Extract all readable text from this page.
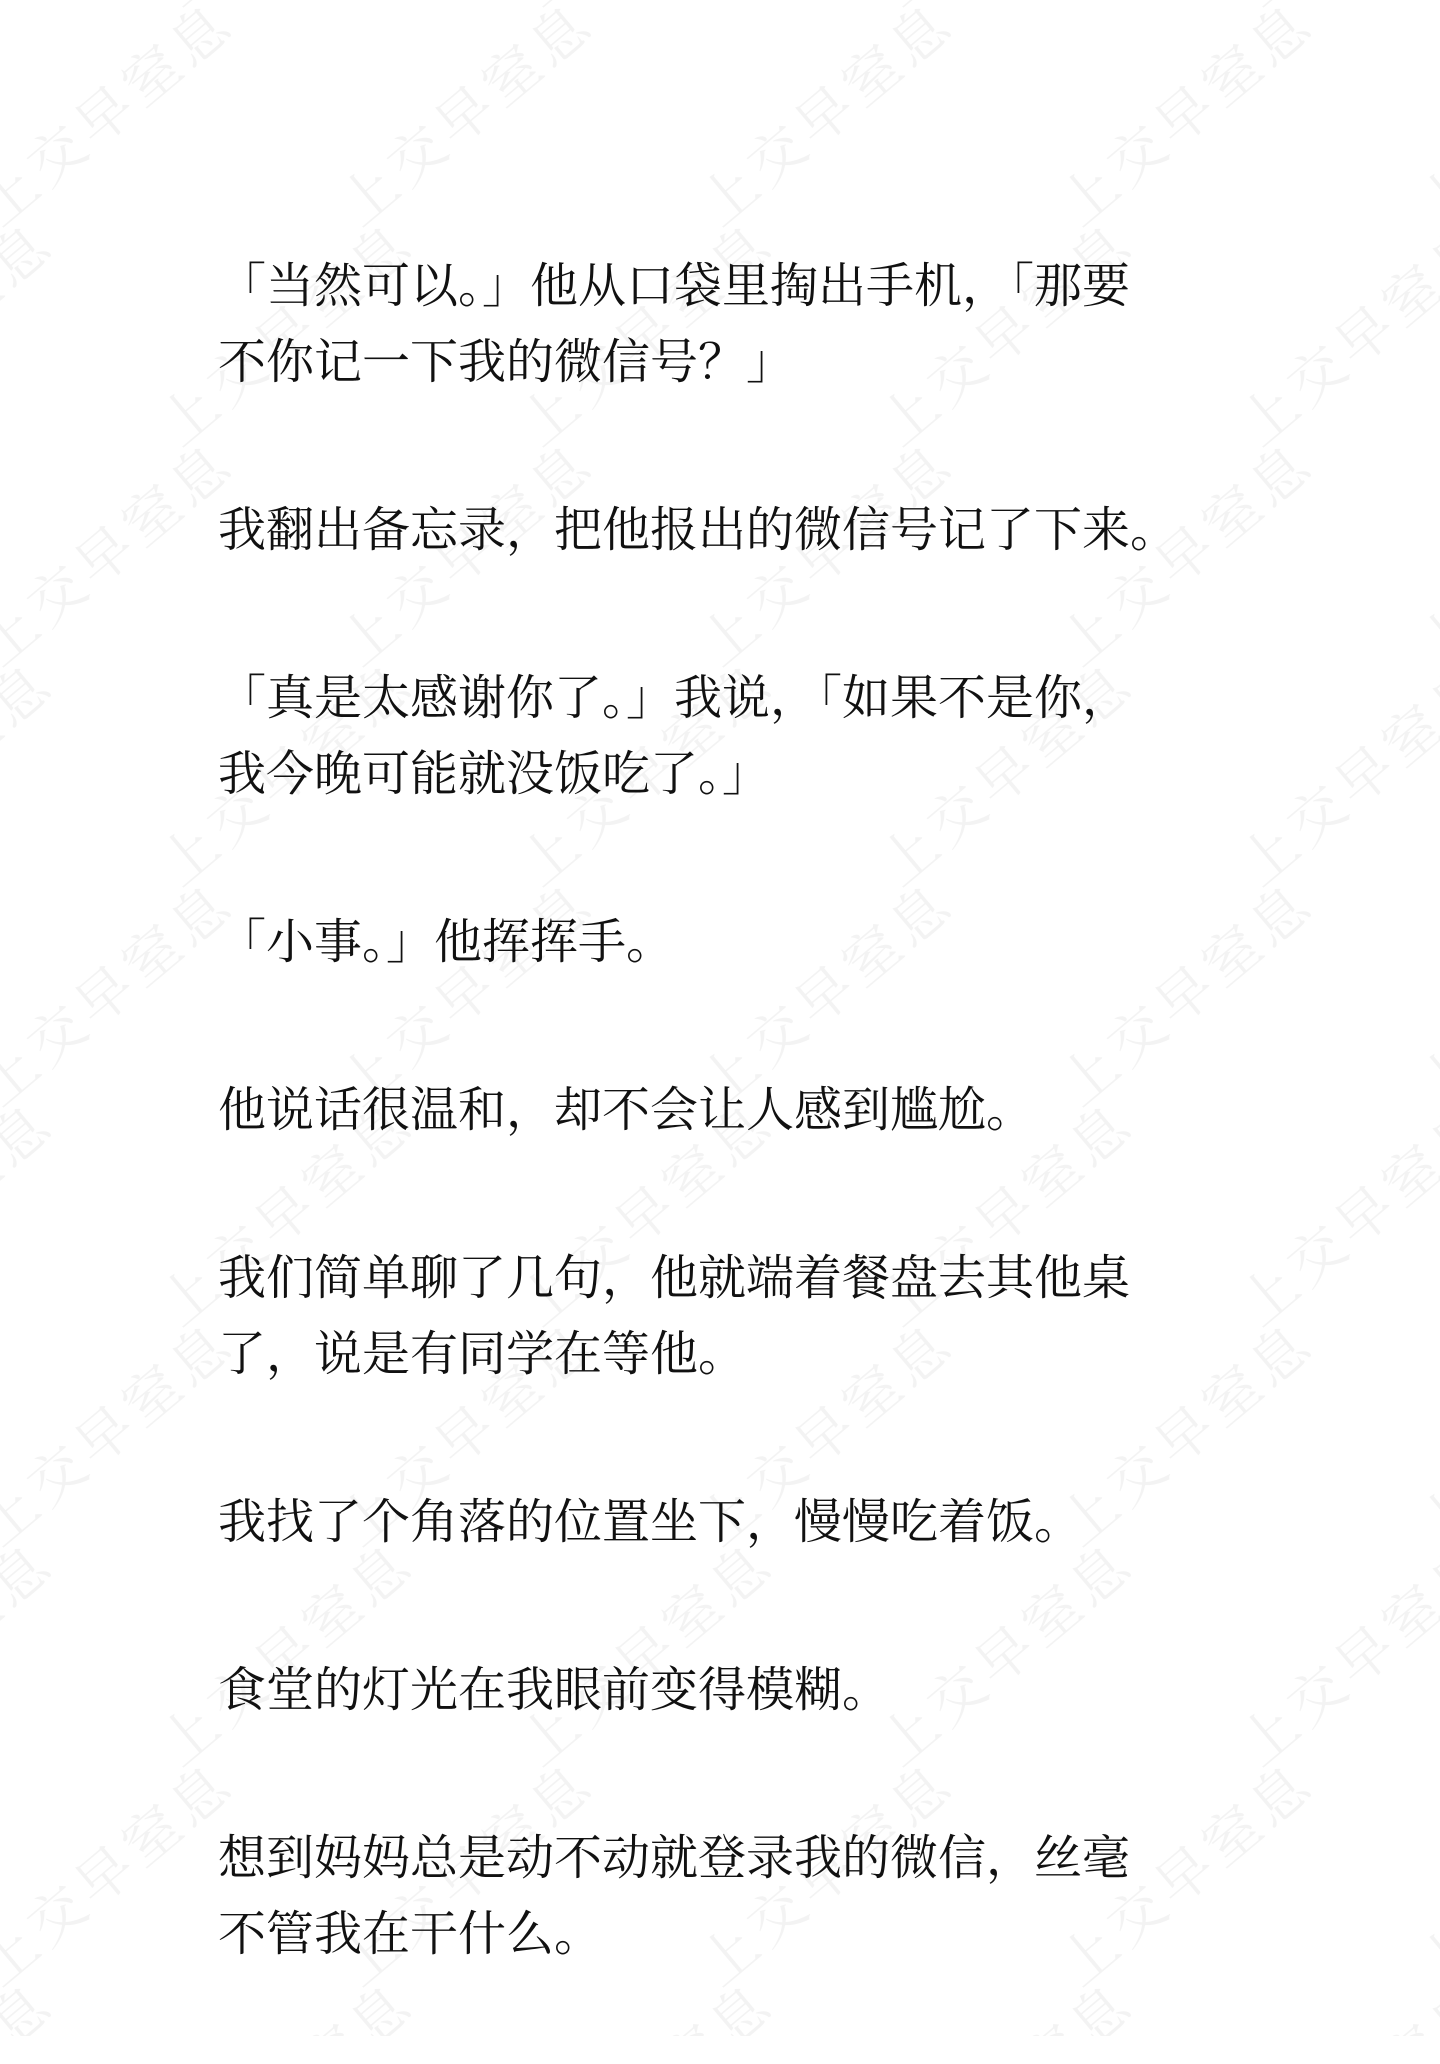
「当然可以。」他从口袋里掏出手机，「那要
不你记一下我的微信号？」

我翻出备忘录，把他报出的微信号记了下来。

「真是太感谢你了。」我说，「如果不是你，
我今晚可能就没饭吃了。」

「小事。」他挥挥手。

他说话很温和，却不会让人感到尴尬。

我们简单聊了几句，他就端着餐盘去其他桌
了，说是有同学在等他。

我找了个角落的位置坐下，慢慢吃着饭。

食堂的灯光在我眼前变得模糊。

想到妈妈总是动不动就登录我的微信，丝毫
不管我在干什么。
